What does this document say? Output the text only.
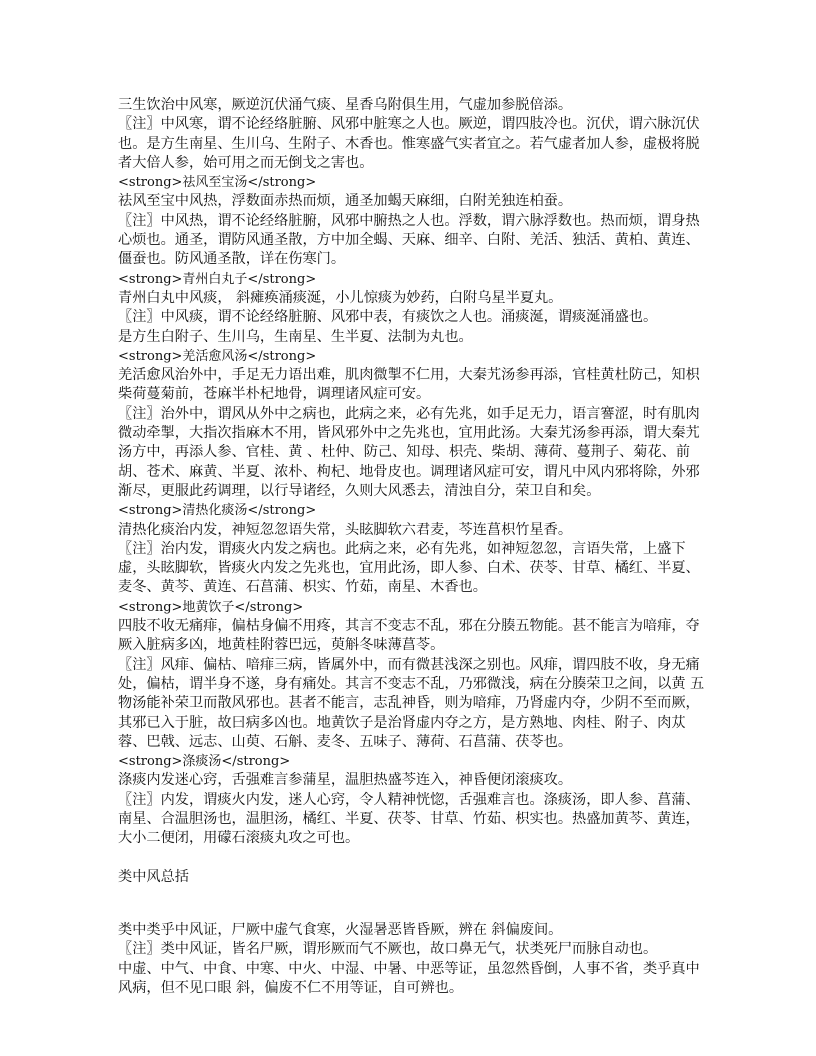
三生饮治中风寒，厥逆沉伏涌气痰、星香乌附俱生用，气虚加参脱倍添。

〖注〗中风寒，谓不论经络脏腑、风邪中脏寒之人也。厥逆，谓四肢冷也。沉伏，谓六脉沉伏也。是方生南星、生川乌、生附子、木香也。惟寒盛气实者宜之。若气虚者加人参，虚极将脱者大倍人参，始可用之而无倒戈之害也。

<strong>祛风至宝汤</strong>

祛风至宝中风热，浮数面赤热而烦，通圣加蝎天麻细，白附羌独连柏蚕。

〖注〗中风热，谓不论经络脏腑，风邪中腑热之人也。浮数，谓六脉浮数也。热而烦，谓身热心烦也。通圣，谓防风通圣散，方中加全蝎、天麻、细辛、白附、羌活、独活、黄柏、黄连、僵蚕也。防风通圣散，详在伤寒门。

<strong>青州白丸子</strong>

青州白丸中风痰， 斜瘫痪涌痰涎，小儿惊痰为妙药，白附乌星半夏丸。

〖注〗中风痰，谓不论经络脏腑、风邪中表，有痰饮之人也。涌痰涎，谓痰涎涌盛也。

是方生白附子、生川乌，生南星、生半夏、法制为丸也。

<strong>羌活愈风汤</strong>

羌活愈风治外中，手足无力语出难，肌肉微掣不仁用，大秦艽汤参再添，官桂黄杜防己，知枳柴荷蔓菊前，苍麻半朴杞地骨，调理诸风症可安。

〖注〗治外中，谓风从外中之病也，此病之来，必有先兆，如手足无力，语言謇涩，时有肌肉微动牵掣，大指次指麻木不用，皆风邪外中之先兆也，宜用此汤。大秦艽汤参再添，谓大秦艽汤方中，再添人参、官桂、黄 、杜仲、防己、知母、枳壳、柴胡、薄荷、蔓荆子、菊花、前胡、苍术、麻黄、半夏、浓朴、枸杞、地骨皮也。调理诸风症可安，谓凡中风内邪将除，外邪渐尽，更服此药调理，以行导诸经，久则大风悉去，清浊自分，荣卫自和矣。

<strong>清热化痰汤</strong>

清热化痰治内发，神短忽忽语失常，头眩脚软六君麦，芩连菖枳竹星香。

〖注〗治内发，谓痰火内发之病也。此病之来，必有先兆，如神短忽忽，言语失常，上盛下虚，头眩脚软，皆痰火内发之先兆也，宜用此汤，即人参、白术、茯苓、甘草、橘红、半夏、麦冬、黄芩、黄连、石菖蒲、枳实、竹茹，南星、木香也。

<strong>地黄饮子</strong>

四肢不收无痛痱，偏枯身偏不用疼，其言不变志不乱，邪在分腠五物能。甚不能言为喑痱，夺厥入脏病多凶，地黄桂附蓉巴远，萸斛冬味薄菖苓。

〖注〗风痱、偏枯、喑痱三病，皆属外中，而有微甚浅深之别也。风痱，谓四肢不收，身无痛处，偏枯，谓半身不遂，身有痛处。其言不变志不乱，乃邪微浅，病在分腠荣卫之间，以黄 五物汤能补荣卫而散风邪也。甚者不能言，志乱神昏，则为喑痱，乃肾虚内夺，少阴不至而厥，其邪已入于脏，故曰病多凶也。地黄饮子是治肾虚内夺之方，是方熟地、肉桂、附子、肉苁蓉、巴戟、远志、山萸、石斛、麦冬、五味子、薄荷、石菖蒲、茯苓也。

<strong>涤痰汤</strong>

涤痰内发迷心窍，舌强难言参蒲星，温胆热盛芩连入，神昏便闭滚痰攻。

〖注〗内发，谓痰火内发，迷人心窍，令人精神恍惚，舌强难言也。涤痰汤，即人参、菖蒲、南星、合温胆汤也，温胆汤，橘红、半夏、茯苓、甘草、竹茹、枳实也。热盛加黄芩、黄连，大小二便闭，用礞石滚痰丸攻之可也。

类中风总括

类中类乎中风证，尸厥中虚气食寒，火湿暑恶皆昏厥，辨在 斜偏废间。

〖注〗类中风证，皆名尸厥，谓形厥而气不厥也，故口鼻无气，状类死尸而脉自动也。

中虚、中气、中食、中寒、中火、中湿、中暑、中恶等证，虽忽然昏倒，人事不省，类乎真中风病，但不见口眼 斜，偏废不仁不用等证，自可辨也。
